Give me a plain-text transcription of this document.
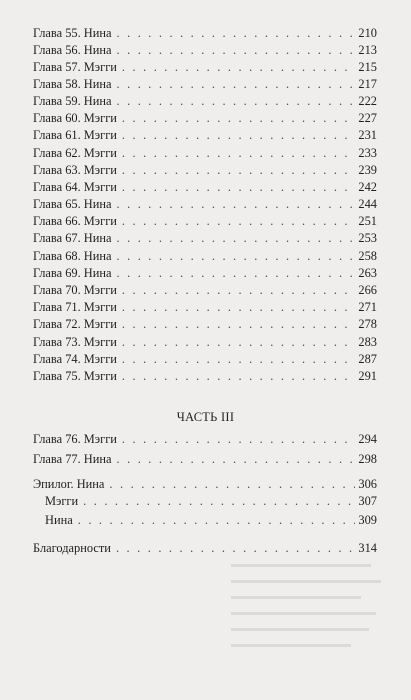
Глава 55. Нина . . .	210
Глава 56. Нина . . .	213
Глава 57. Мэгги . . .	215
Глава 58. Нина . . .	217
Глава 59. Нина . . .	222
Глава 60. Мэгги . . .	227
Глава 61. Мэгги . . .	231
Глава 62. Мэгги . . .	233
Глава 63. Мэгги . . .	239
Глава 64. Мэгги . . .	242
Глава 65. Нина . . .	244
Глава 66. Мэгги . . .	251
Глава 67. Нина . . .	253
Глава 68. Нина . . .	258
Глава 69. Нина . . .	263
Глава 70. Мэгги . . .	266
Глава 71. Мэгги . . .	271
Глава 72. Мэгги . . .	278
Глава 73. Мэгги . . .	283
Глава 74. Мэгги . . .	287
Глава 75. Мэгги . . .	291
Глава 76. Мэгги . . .	294
Глава 77. Нина . . .	298
Эпилог. Нина . . .	306
Мэгги . . .	307
Нина . . .	309
Благодарности . . .	314
ЧАСТЬ III
